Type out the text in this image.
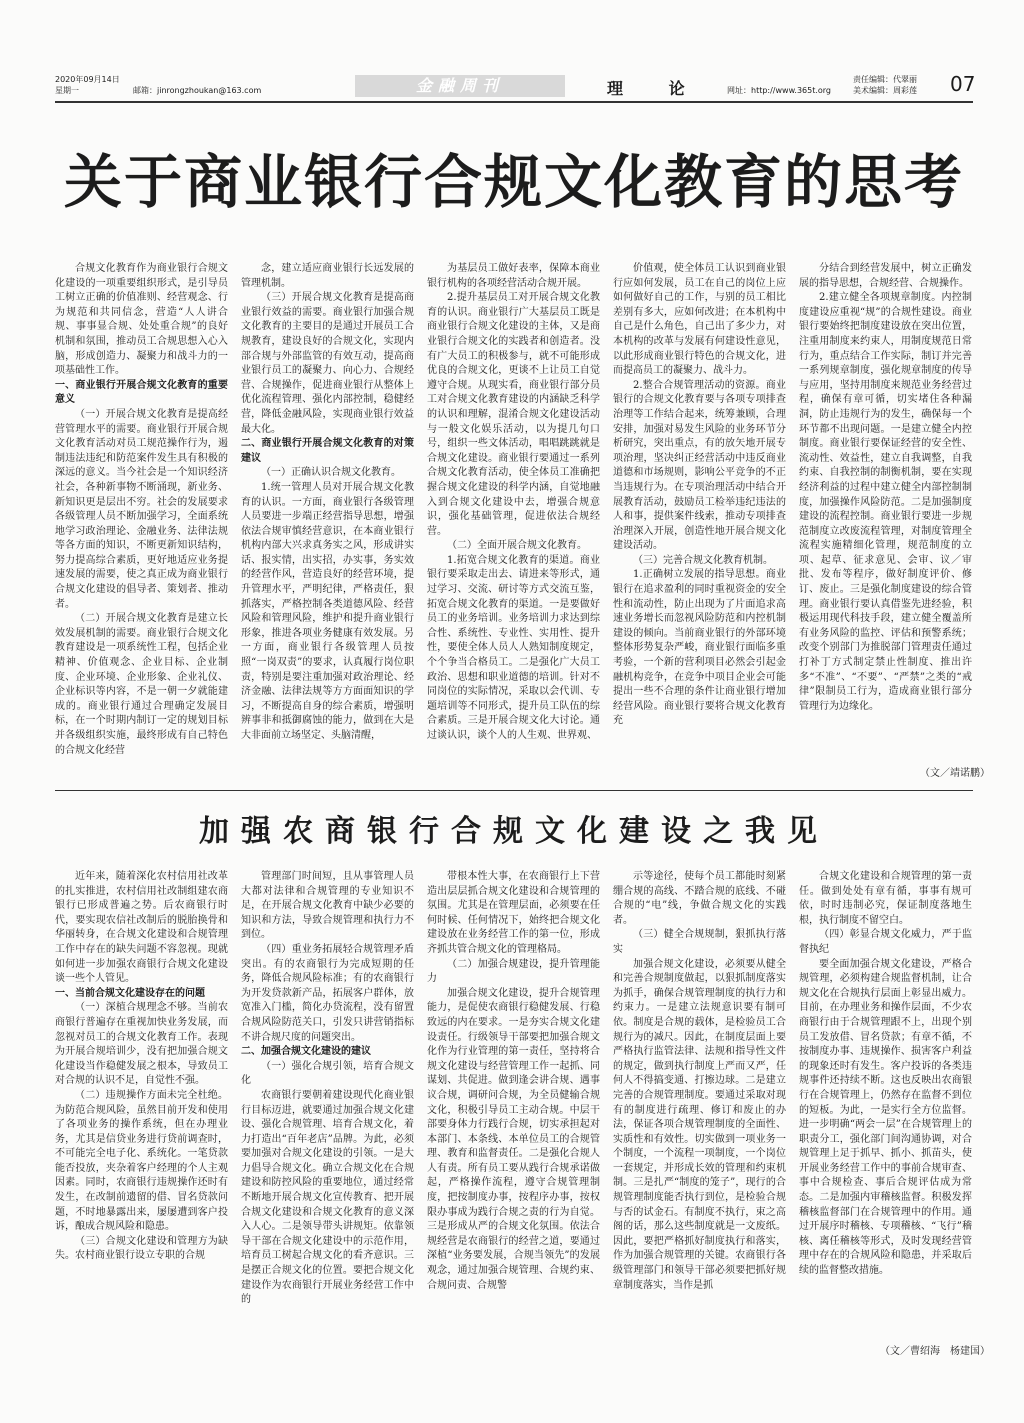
2020年09月14日
星期一	邮箱：jinrongzhoukan@163.com	金融周刊	理 论	网址：http://www.365t.org
责任编辑：代翠丽
美术编辑：周彩莲 07
关于商业银行合规文化教育的思考

合规文化教育作为商业银行合规文化建设的一项重要组织形式，是引导员工树立正确的价值准则、经营观念、行为规范和共同信念，营造“人人讲合规、事事显合规、处处重合规”的良好机制和氛围，推动员工合规思想入心入脑，形成创造力、凝聚力和战斗力的一项基础性工作。

一、商业银行开展合规文化教育的重要意义

（一）开展合规文化教育是提高经营管理水平的需要。商业银行开展合规文化教育活动对员工规范操作行为，遏制违法违纪和防范案件发生具有积极的深远的意义。当今社会是一个知识经济社会，各种新事物不断涌现，新业务、新知识更是层出不穷。社会的发展要求各级管理人员不断加强学习，全面系统地学习政治理论、金融业务、法律法规等各方面的知识，不断更新知识结构，努力提高综合素质，更好地适应业务提速发展的需要，使之真正成为商业银行合规文化建设的倡导者、策划者、推动者。

（二）开展合规文化教育是建立长效发展机制的需要。商业银行合规文化教育建设是一项系统性工程，包括企业精神、价值观念、企业目标、企业制度、企业环境、企业形象、企业礼仪、企业标识等内容，不是一朝一夕就能建成的。商业银行通过合理确定发展目标，在一个时期内制订一定的规划目标并各级组织实施，最终形成有自己特色的合规文化经营

念，建立适应商业银行长远发展的管理机制。

（三）开展合规文化教育是提高商业银行效益的需要。商业银行加强合规文化教育的主要目的是通过开展员工合规教育，建设良好的合规文化，实现内部合规与外部监管的有效互动，提高商业银行员工的凝聚力、向心力、合规经营、合规操作，促进商业银行从整体上优化流程管理、强化内部控制，稳健经营，降低金融风险，实现商业银行效益最大化。

二、商业银行开展合规文化教育的对策建议

（一）正确认识合规文化教育。

1.统一管理人员对开展合规文化教育的认识。一方面，商业银行各级管理人员要进一步端正经营指导思想，增强依法合规审慎经营意识，在本商业银行机构内部大兴求真务实之风，形成讲实话、报实情，出实招，办实事，务实效的经营作风，营造良好的经营环境，提升管理水平，严明纪律，严格责任，狠抓落实，严格控制各类道德风险、经营风险和管理风险，维护和提升商业银行形象，推进各项业务健康有效发展。另一方面，商业银行各级管理人员按照“一岗双责”的要求，认真履行岗位职责，特别是要注重加强对政治理论、经济金融、法律法规等方方面面知识的学习，不断提高自身的综合素质，增强明辨事非和抵御腐蚀的能力，做到在大是大非面前立场坚定、头脑清醒，

为基层员工做好表率，保障本商业银行机构的各项经营活动合规开展。

2.提升基层员工对开展合规文化教育的认识。商业银行广大基层员工既是商业银行合规文化建设的主体，又是商业银行合规文化的实践者和创造者。没有广大员工的积极参与，就不可能形成优良的合规文化，更谈不上让员工自觉遵守合规。从现实看，商业银行部分员工对合规文化教育建设的内涵缺乏科学的认识和理解，混淆合规文化建设活动与一般文化娱乐活动，以为提几句口号，组织一些文体活动，唱唱跳跳就是合规文化建设。商业银行要通过一系列合规文化教育活动，使全体员工准确把握合规文化建设的科学内涵，自觉地融入到合规文化建设中去，增强合规意识，强化基础管理，促进依法合规经营。

（二）全面开展合规文化教育。

1.拓宽合规文化教育的渠道。商业银行要采取走出去、请进来等形式，通过学习、交流、研讨等方式交流互鉴，拓宽合规文化教育的渠道。一是要做好员工的业务培训。业务培训力求达到综合性、系统性、专业性、实用性、提升性，要使全体人员人人熟知制度规定，个个争当合格员工。二是强化广大员工政治、思想和职业道德的培训。针对不同岗位的实际情况，采取以会代训、专题培训等不同形式，提升员工队伍的综合素质。三是开展合规文化大讨论。通过谈认识，谈个人的人生观、世界观、

价值观，使全体员工认识到商业银行应如何发展，员工在自己的岗位上应如何做好自己的工作，与别的员工相比差别有多大，应如何改进；在本机构中自己是什么角色，自己出了多少力，对本机构的改革与发展有何建设性意见，以此形成商业银行特色的合规文化，进而提高员工的凝聚力、战斗力。

2.整合合规管理活动的资源。商业银行的合规文化教育要与各项专项排查治理等工作结合起来，统筹兼顾，合理安排，加强对易发生风险的业务环节分析研究，突出重点，有的放矢地开展专项治理，坚决纠正经营活动中违反商业道德和市场规则，影响公平竞争的不正当违规行为。在专项治理活动中结合开展教育活动，鼓励员工检举违纪违法的人和事，提供案件线索，推动专项排查治理深入开展，创造性地开展合规文化建设活动。

（三）完善合规文化教育机制。

1.正确树立发展的指导思想。商业银行在追求盈利的同时重视资金的安全性和流动性，防止出现为了片面追求高速业务增长而忽视风险防范和内控机制建设的倾向。当前商业银行的外部环境整体形势复杂严峻，商业银行面临多重考验，一个新的营利项目必然会引起金融机构竞争，在竞争中项目企业会可能提出一些不合理的条件让商业银行增加经营风险。商业银行要将合规文化教育充

分结合到经营发展中，树立正确发展的指导思想，合规经营、合规操作。

2.建立健全各项规章制度。内控制度建设应重视“规”的合规性建设。商业银行要始终把制度建设放在突出位置，注重用制度来约束人，用制度规范日常行为，重点结合工作实际，制订并完善一系列规章制度，强化规章制度的传导与应用，坚持用制度来规范业务经营过程，确保有章可循，切实堵住各种漏洞，防止违规行为的发生，确保每一个环节都不出现问题。一是建立健全内控制度。商业银行要保证经营的安全性、流动性、效益性，建立自我调整，自我约束、自我控制的制衡机制，要在实现经济利益的过程中建立健全内部控制制度，加强操作风险防范。二是加强制度建设的流程控制。商业银行要进一步规范制度立改废流程管理，对制度管理全流程实施精细化管理，规范制度的立项、起草、征求意见、会审、议／审批、发布等程序，做好制度评价、修订、废止。三是强化制度建设的综合管理。商业银行要认真借鉴先进经验，积极运用现代科技手段，建立健全覆盖所有业务风险的监控、评估和预警系统；改变个别部门为推脱部门管理责任通过打补丁方式制定禁止性制度、推出许多“不准”、“不要”、“严禁”之类的“戒律”限制员工行为，造成商业银行部分管理行为边缘化。

（文／靖诺鹏）
加强农商银行合规文化建设之我见

近年来，随着深化农村信用社改革的扎实推进，农村信用社改制组建农商银行已形成普遍之势。后农商银行时代，要实现农信社改制后的脱胎换骨和华丽转身，在合规文化建设和合规管理工作中存在的缺失问题不容忽视。现就如何进一步加强农商银行合规文化建设谈一些个人管见。

一、当前合规文化建设存在的问题

（一）深植合规理念不够。当前农商银行普遍存在重视加快业务发展，而忽视对员工的合规文化教育工作。表现为开展合规培训少，没有把加强合规文化建设当作稳健发展之根本，导致员工对合规的认识不足，自觉性不强。

（二）违规操作方面未完全杜绝。为防范合规风险，虽然目前开发和使用了各项业务的操作系统，但在办理业务，尤其是信贷业务进行贷前调查时，不可能完全电子化、系统化。一笔贷款能否投放，夹杂着客户经理的个人主观因素。同时，农商银行违规操作还时有发生，在改制前遗留的借、冒名贷款问题，不时地暴露出来，屡屡遭到客户投诉，酿成合规风险和隐患。

（三）合规文化建设和管理方为缺失。农村商业银行设立专职的合规

管理部门时间短，且从事管理人员大都对法律和合规管理的专业知识不足，在开展合规文化教育中缺少必要的知识和方法，导致合规管理和执行力不到位。

（四）重业务拓展轻合规管理矛盾突出。有的农商银行为完成短期的任务，降低合规风险标准；有的农商银行为开发贷款新产品，拓展客户群体，放宽准入门槛，简化办贷流程，没有留置合规风险防范关口，引发只讲营销指标不讲合规尺度的问题突出。

二、加强合规文化建设的建议

（一）强化合规引领，培育合规文化

农商银行要朝着建设现代化商业银行目标迈进，就要通过加强合规文化建设、强化合规管理、培育合规文化，着力打造出“百年老店”品牌。为此，必须要加强对合规文化建设的引领。一是大力倡导合规文化。确立合规文化在合规建设和防控风险的重要地位，通过经常不断地开展合规文化宣传教育、把开展合规文化建设和合规文化教育的意义深入人心。二是领导带头讲规矩。依靠领导干部在合规文化建设中的示范作用，培育员工树起合规文化的看齐意识。三是摆正合规文化的位置。要把合规文化建设作为农商银行开展业务经营工作中的

带根本性大事，在农商银行上下营造出层层抓合规文化建设和合规管理的氛围。尤其是在管理层面，必须要在任何时候、任何情况下，始终把合规文化建设放在业务经营工作的第一位，形成齐抓共管合规文化的管理格局。

（二）加强合规建设，提升管理能力

加强合规文化建设，提升合规管理能力，是促使农商银行稳健发展、行稳致远的内在要求。一是夯实合规文化建设责任。行级领导干部要把加强合规文化作为行业管理的第一责任，坚持将合规文化建设与经营管理工作一起抓、同谋划、共促进。做到逢会讲合规、遇事议合规，调研问合规，为全员健输合规文化，积极引导员工主动合规。中层干部要身体力行践行合规，切实承担起对本部门、本条线、本单位员工的合规管理、教育和监督责任。二是强化合规人人有责。所有员工要从践行合规承诺做起，严格操作流程，遵守合规管理制度，把按制度办事，按程序办事，按权限办事成为践行合规之责的行为自觉。三是形成从严的合规文化氛围。依法合规经营是农商银行的经营之道，要通过深植“业务要发展，合规当领先”的发展观念，通过加强合规管理、合规约束、合规问责、合规警

示等途径，使每个员工都能时刻紧绷合规的高线、不踏合规的底线、不碰合规的“电”线，争做合规文化的实践者。

（三）健全合规规制，狠抓执行落实

加强合规文化建设，必须要从健全和完善合规制度做起，以狠抓制度落实为抓手，确保合规管理制度的执行力和约束力。一是建立法规意识要有制可依。制度是合规的载体，是检验员工合规行为的减尺。因此，在制度层面上要严格执行监管法律、法规和指导性文件的规定，做到执行制度上严而又严，任何人不得搞变通、打擦边球。二是建立完善的合规管理制度。要通过采取对现有的制度进行疏理、修订和废止的办法，保证各项合规管理制度的全面性、实质性和有效性。切实做到一项业务一个制度，一个流程一项制度，一个岗位一套规定，并形成长效的管理和约束机制。三是扎严“制度的笼子”，现行的合规管理制度能否执行到位，是检验合规与否的试金石。有制度不执行，束之高阁的话，那么这些制度就是一文废纸。因此，要把严格抓好制度执行和落实，作为加强合规管理的关键。农商银行各级管理部门和领导干部必须要把抓好规章制度落实，当作是抓

合规文化建设和合规管理的第一责任。做到处处有章有循，事事有规可依，时时违制必究，保证制度落地生根，执行制度不留空白。

（四）彰显合规文化威力，严于监督执纪

要全面加强合规文化建设，严格合规管理，必须构建合规监督机制，让合规文化在合规执行层面上彰显出威力。目前，在办理业务和操作层面，不少农商银行由于合规管理跟不上，出现个别员工发放借、冒名贷款；有章不循，不按制度办事、违规操作、损害客户利益的现象还时有发生。客户投诉的各类违规事件还持续不断。这也反映出农商银行在合规管理上，仍然存在监督不到位的短板。为此，一是实行全方位监督。进一步明确“两会一层”在合规管理上的职责分工，强化部门间沟通协调，对合规管理上足于抓早、抓小、抓苗头，使开展业务经营工作中的事前合规审查、事中合规检查、事后合规评估成为常态。二是加强内审稽核监督。积极发挥稽核监督部门在合规管理中的作用。通过开展序时稽核、专项稽核、“飞行”稽核、离任稽核等形式，及时发现经营管理中存在的合规风险和隐患，并采取后续的监督整改措施。

（文／曹绍海　杨建国）
